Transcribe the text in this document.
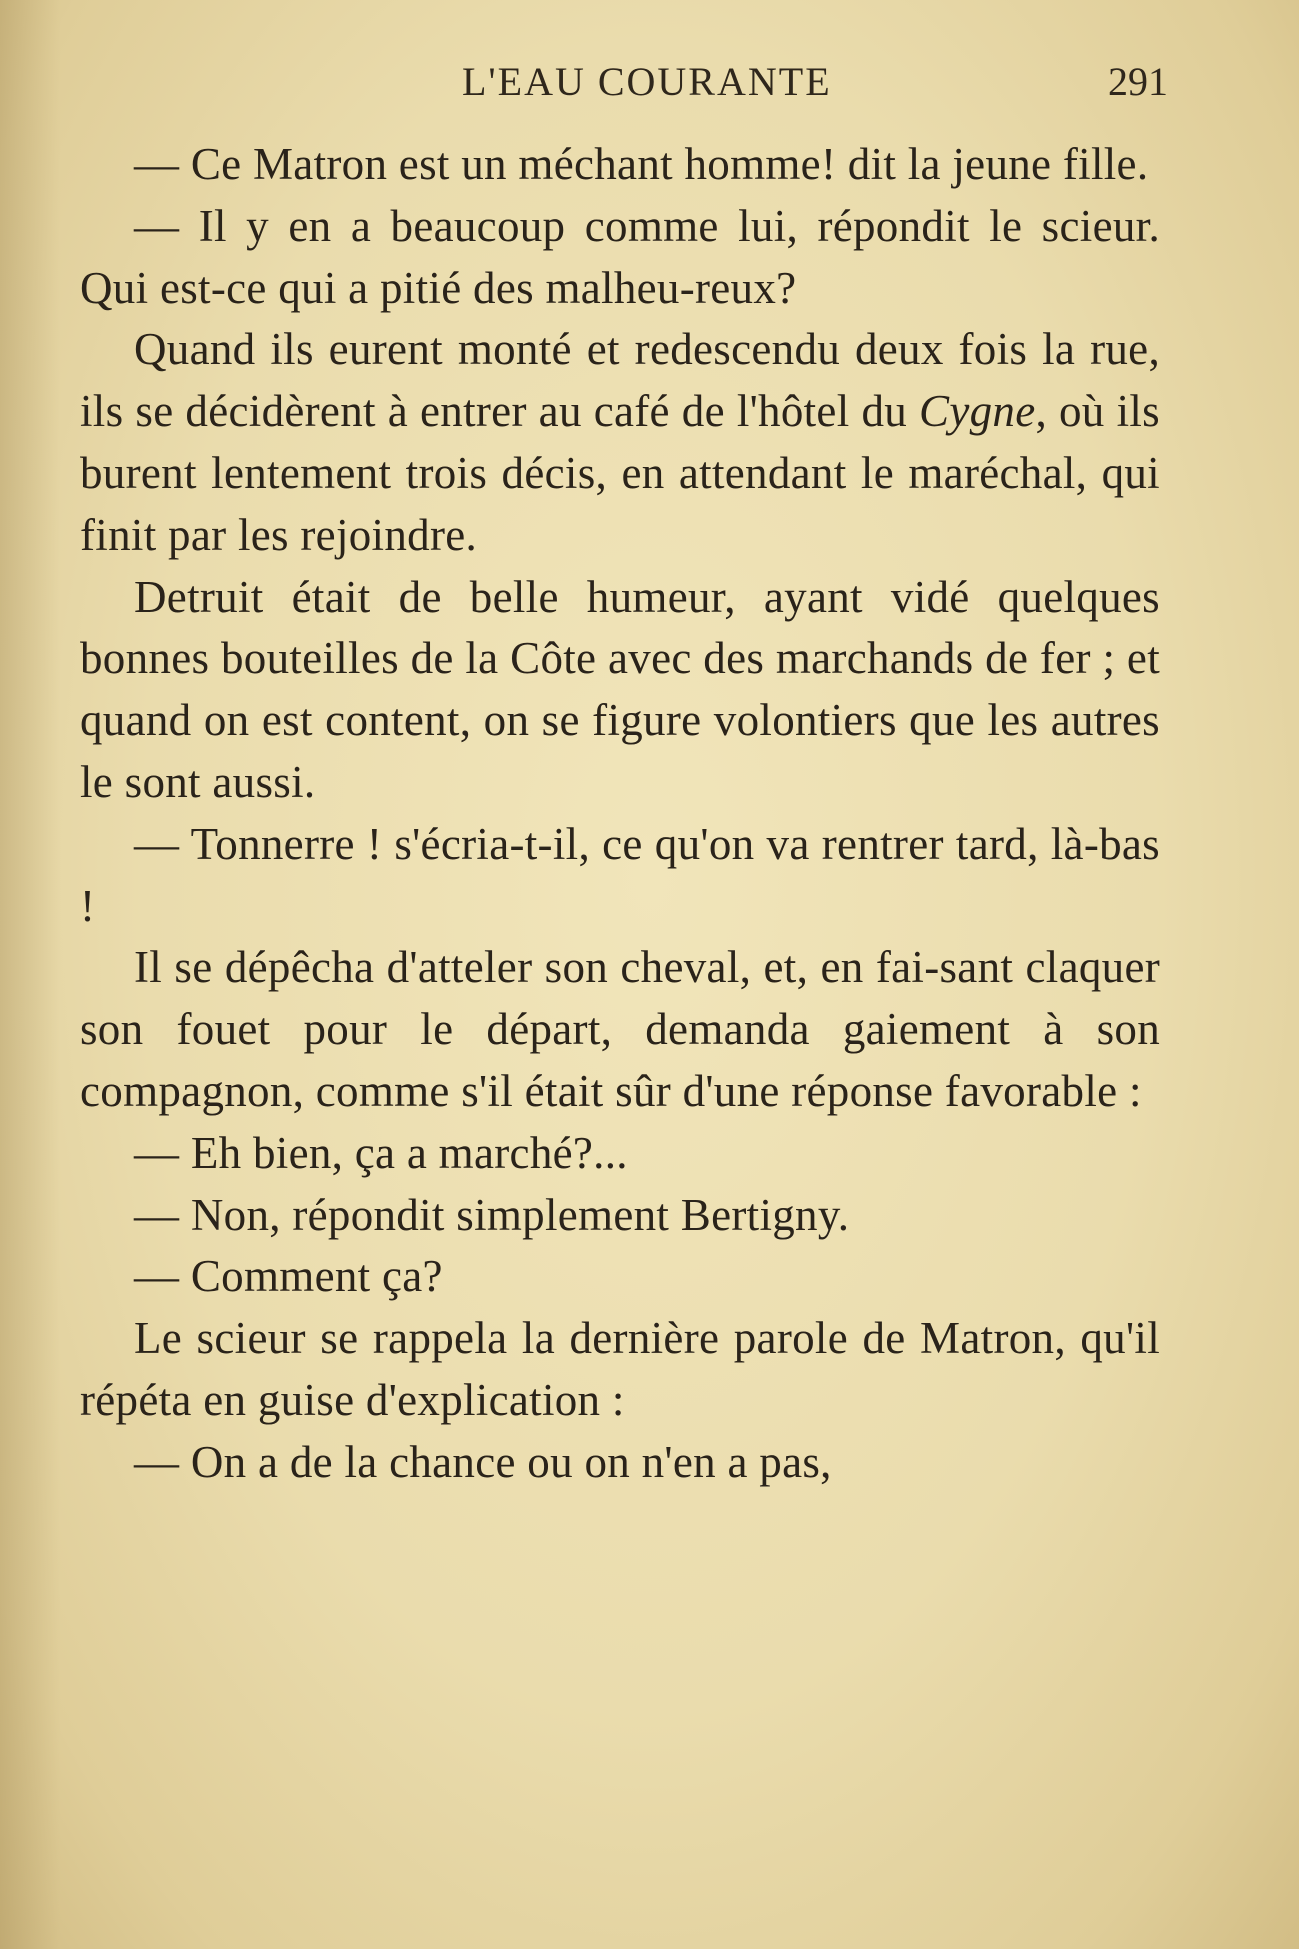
L'EAU COURANTE	291

— Ce Matron est un méchant homme! dit la jeune fille.

— Il y en a beaucoup comme lui, répondit le scieur. Qui est-ce qui a pitié des malheu-reux?

Quand ils eurent monté et redescendu deux fois la rue, ils se décidèrent à entrer au café de l'hôtel du Cygne, où ils burent lentement trois décis, en attendant le maréchal, qui finit par les rejoindre.

Detruit était de belle humeur, ayant vidé quelques bonnes bouteilles de la Côte avec des marchands de fer ; et quand on est content, on se figure volontiers que les autres le sont aussi.

— Tonnerre ! s'écria-t-il, ce qu'on va rentrer tard, là-bas !

Il se dépêcha d'atteler son cheval, et, en fai-sant claquer son fouet pour le départ, demanda gaiement à son compagnon, comme s'il était sûr d'une réponse favorable :

— Eh bien, ça a marché?...

— Non, répondit simplement Bertigny.

— Comment ça?

Le scieur se rappela la dernière parole de Matron, qu'il répéta en guise d'explication :

— On a de la chance ou on n'en a pas,
